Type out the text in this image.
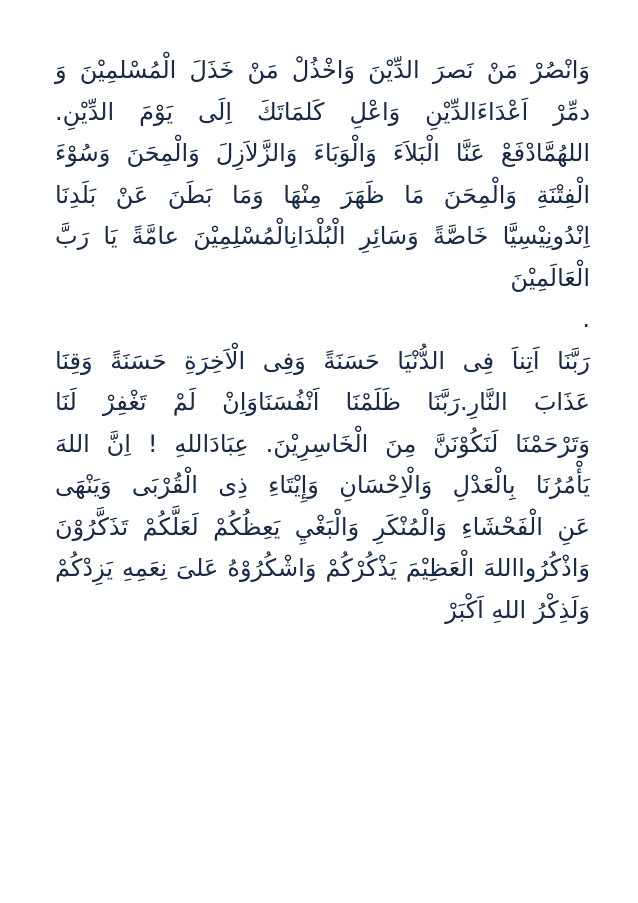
وَانْصُرْ مَنْ نَصرَ الدِّيْنَ وَاخْذُلْ مَنْ خَذَلَ الْمُسْلمِيْنَ وَ
دمِّرْ اَعْدَاءَالدِّيْنِ وَاعْلِ كَلمَاتَكَ اِلَى يَوْمَ الدِّيْنِ.
اللهُمَّادْفَعْ عَنَّا الْبَلاَءَ وَالْوَبَاءَ وَالزَّلاَزِلَ وَالْمِحَنَ وَسُوْءَ
الْفِتْنَةِ وَالْمِحَنَ مَا ظَهَرَ مِنْهَا وَمَا بَطَنَ عَنْ بَلَدِنَا
اِنْدُونِيْسِيَّا خَاصَّةً وَسَائِرِ الْبُلْدَانِالْمُسْلِمِيْنَ عامَّةً يَا رَبَّ
الْعَالَمِيْنَ
.
رَبَّنَا اَتِناَ فِى الدُّنْيَا حَسَنَةً وَفِى الْاَخِرَةِ حَسَنَةً وَقِنَا
عَذَابَ النَّارِ.رَبَّنَا ظَلَمْنَا اَنْفُسَنَاوَاِنْ لَمْ تَغْفِرْ لَنَا
وَتَرْحَمْنَا لَنَكُوْنَنَّ مِنَ الْخَاسِرِيْنَ. عِبَادَاللهِ ! اِنَّ اللهَ
يَأْمُرُنَا بِالْعَدْلِ وَالْاِحْسَانِ وَإِيْتَاءِ ذِى الْقُرْبَى وَيَنْهَى
عَنِ الْفَحْشَاءِ وَالْمُنْكَرِ وَالْبَغْيِ يَعِظُكُمْ لَعَلَّكُمْ تَذَكَّرُوْنَ
وَاذْكُرُوااللهَ الْعَظِيْمَ يَذْكُرْكُمْ وَاشْكُرُوْهُ عَلىَ نِعَمِهِ يَزِدْكُمْ
وَلَذِكْرُ اللهِ اَكْبَرْ
